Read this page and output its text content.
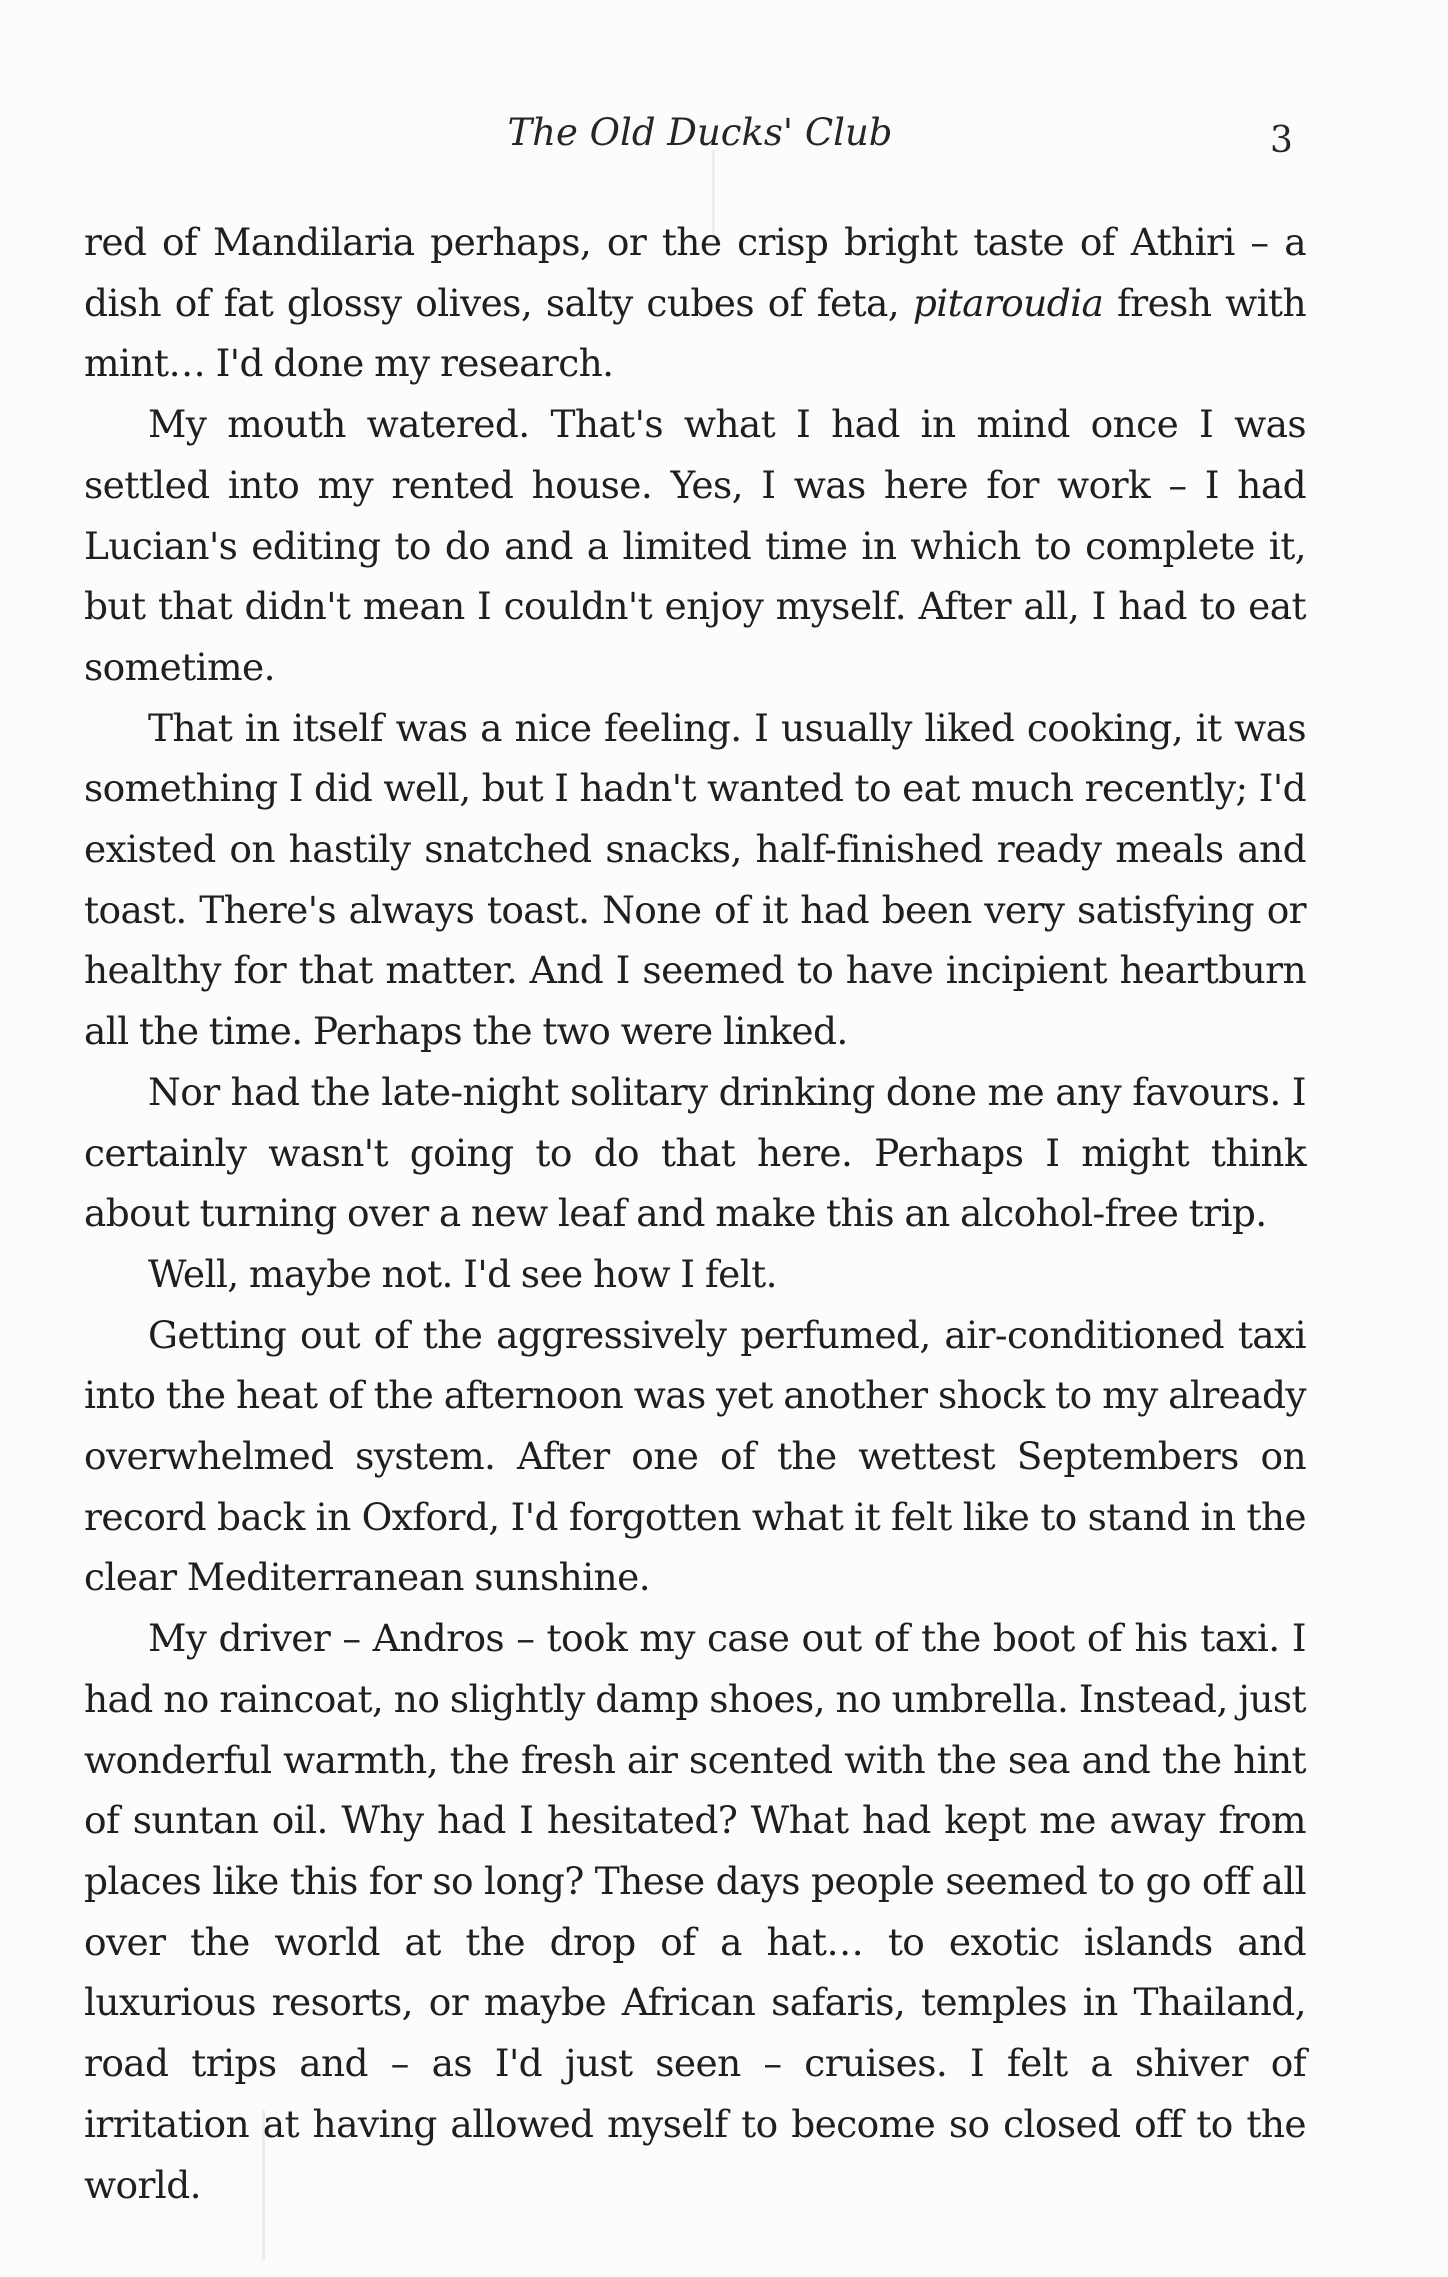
The Old Ducks' Club	3

red of Mandilaria perhaps, or the crisp bright taste of Athiri – a dish of fat glossy olives, salty cubes of feta, pitaroudia fresh with mint… I'd done my research.

My mouth watered. That's what I had in mind once I was settled into my rented house. Yes, I was here for work – I had Lucian's editing to do and a limited time in which to complete it, but that didn't mean I couldn't enjoy myself. After all, I had to eat sometime.

That in itself was a nice feeling. I usually liked cooking, it was something I did well, but I hadn't wanted to eat much recently; I'd existed on hastily snatched snacks, half-finished ready meals and toast. There's always toast. None of it had been very satisfying or healthy for that matter. And I seemed to have incipient heartburn all the time. Perhaps the two were linked.

Nor had the late-night solitary drinking done me any favours. I certainly wasn't going to do that here. Perhaps I might think about turning over a new leaf and make this an alcohol-free trip.

Well, maybe not. I'd see how I felt.

Getting out of the aggressively perfumed, air-conditioned taxi into the heat of the afternoon was yet another shock to my already overwhelmed system. After one of the wettest Septembers on record back in Oxford, I'd forgotten what it felt like to stand in the clear Mediterranean sunshine.

My driver – Andros – took my case out of the boot of his taxi. I had no raincoat, no slightly damp shoes, no umbrella. Instead, just wonderful warmth, the fresh air scented with the sea and the hint of suntan oil. Why had I hesitated? What had kept me away from places like this for so long? These days people seemed to go off all over the world at the drop of a hat… to exotic islands and luxurious resorts, or maybe African safaris, temples in Thailand, road trips and – as I'd just seen – cruises. I felt a shiver of irritation at having allowed myself to become so closed off to the world.
